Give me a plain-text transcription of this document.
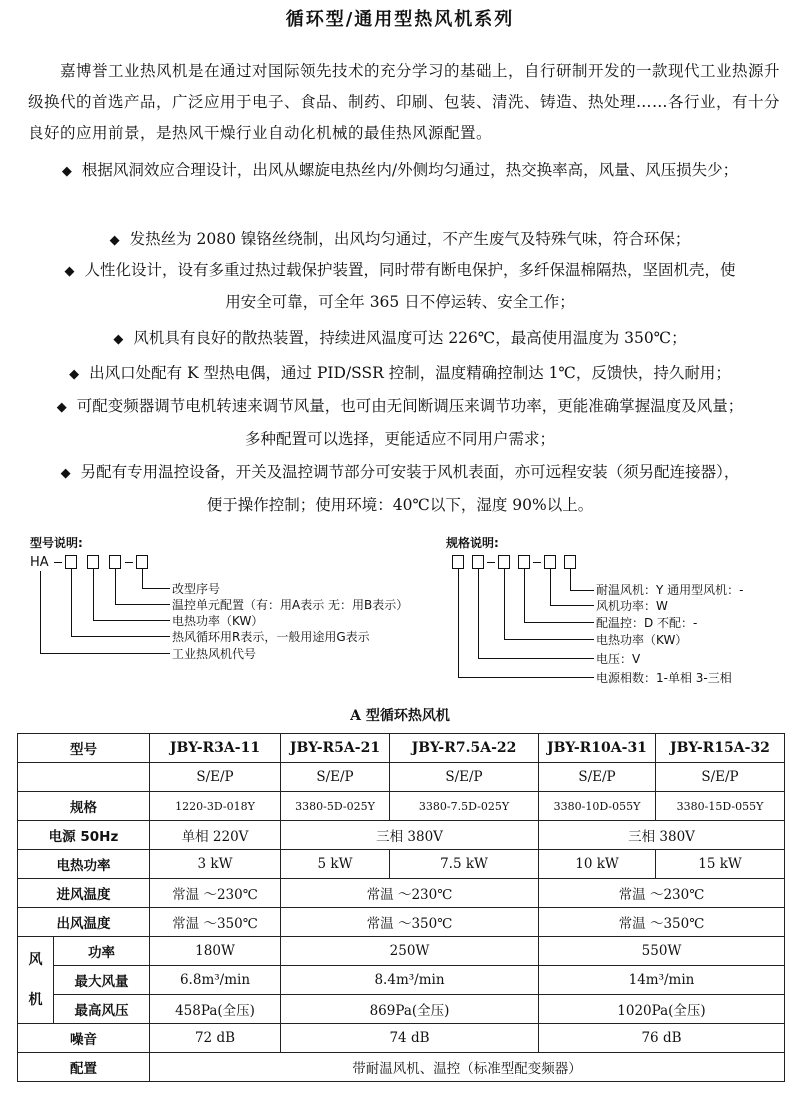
循环型/通用型热风机系列

嘉博誉工业热风机是在通过对国际领先技术的充分学习的基础上，自行研制开发的一款现代工业热源升级换代的首选产品，广泛应用于电子、食品、制药、印刷、包装、清洗、铸造、热处理……各行业，有十分良好的应用前景，是热风干燥行业自动化机械的最佳热风源配置。

◆ 根据风洞效应合理设计，出风从螺旋电热丝内/外侧均匀通过，热交换率高，风量、风压损失少；
◆ 发热丝为 2080 镍铬丝绕制，出风均匀通过，不产生废气及特殊气味，符合环保；
◆ 人性化设计，设有多重过热过载保护装置，同时带有断电保护，多纤保温棉隔热，坚固机壳，使
用安全可靠，可全年 365 日不停运转、安全工作；
◆ 风机具有良好的散热装置，持续进风温度可达 226℃，最高使用温度为 350℃；
◆ 出风口处配有 K 型热电偶，通过 PID/SSR 控制，温度精确控制达 1℃，反馈快，持久耐用；
◆ 可配变频器调节电机转速来调节风量，也可由无间断调压来调节功率，更能准确掌握温度及风量；
多种配置可以选择，更能适应不同用户需求；
◆ 另配有专用温控设备，开关及温控调节部分可安装于风机表面，亦可远程安装（须另配连接器），
便于操作控制；使用环境：40℃以下，湿度 90%以上。
型号说明:
HA
改型序号
温控单元配置（有：用A表示 无：用B表示）
电热功率（KW）
热风循环用R表示，一般用途用G表示
工业热风机代号
规格说明:
耐温风机：Y 通用型风机：-
风机功率：W
配温控：D 不配：-
电热功率（KW）
电压：V
电源相数：1-单相 3-三相
A 型循环热风机
型号		JBY-R3A-11	JBY-R5A-21	JBY-R7.5A-22	JBY-R10A-31	JBY-R15A-32
		S/E/P	S/E/P	S/E/P	S/E/P	S/E/P
规格		1220-3D-018Y	3380-5D-025Y	3380-7.5D-025Y	3380-10D-055Y	3380-15D-055Y
电源 50Hz		单相 220V	三相 380V		三相 380V	
电热功率		3 kW	5 kW	7.5 kW	10 kW	15 kW
进风温度		常温 ～230℃	常温 ～230℃		常温 ～230℃	
出风温度		常温 ～350℃	常温 ～350℃		常温 ～350℃	

风
机	功率	180W	250W		550W	
	最大风量	6.8m³/min	8.4m³/min		14m³/min	
	最高风压	458Pa(全压)	869Pa(全压)		1020Pa(全压)	
噪音		72 dB	74 dB		76 dB	
配置		带耐温风机、温控（标准型配变频器）				
